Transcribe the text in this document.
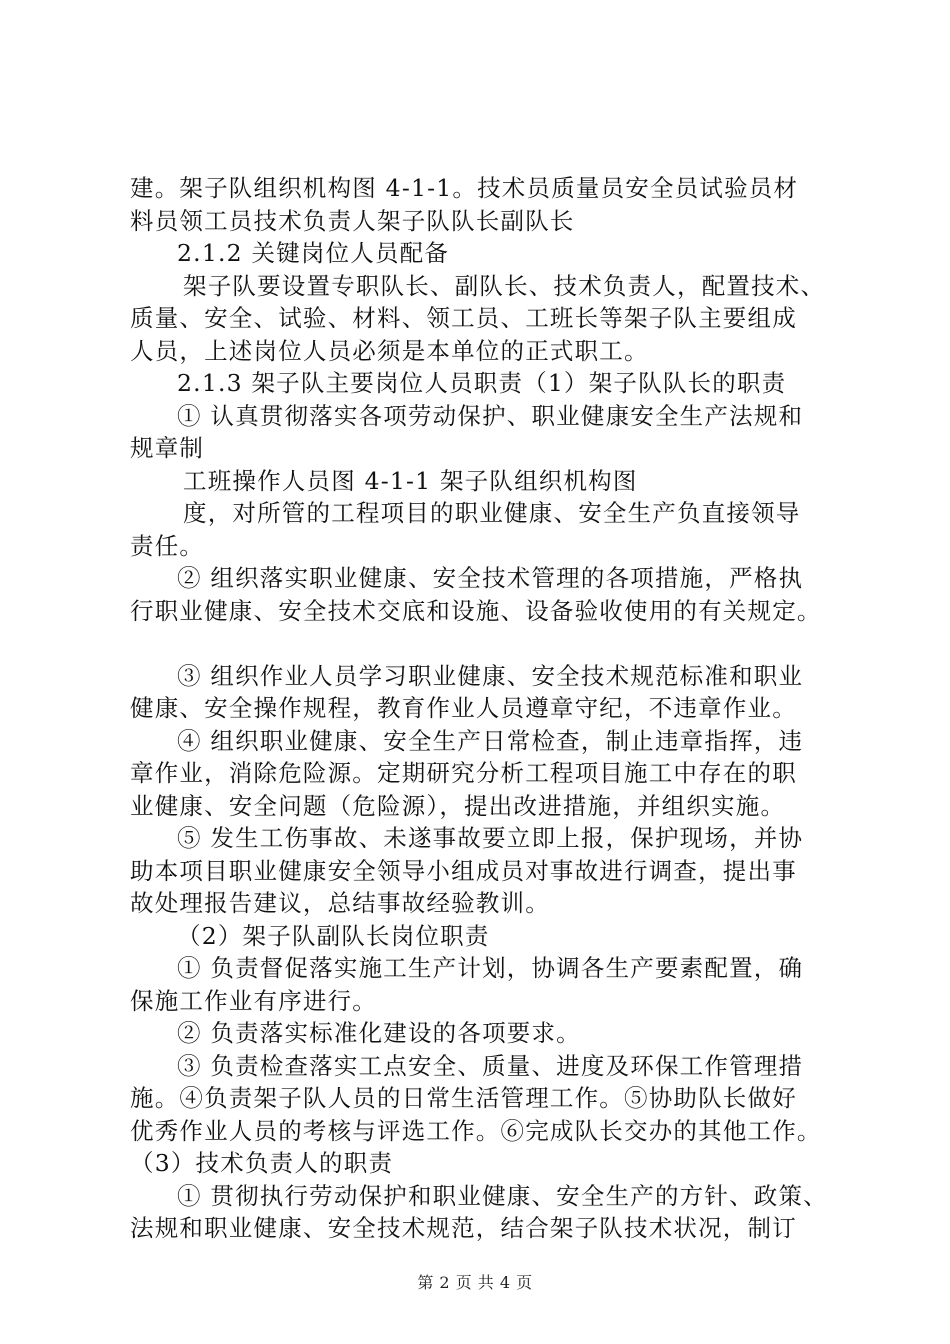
建。架子队组织机构图 4-1-1。技术员质量员安全员试验员材
料员领工员技术负责人架子队队长副队长
2.1.2 关键岗位人员配备
架子队要设置专职队长、副队长、技术负责人，配置技术、
质量、安全、试验、材料、领工员、工班长等架子队主要组成
人员，上述岗位人员必须是本单位的正式职工。
2.1.3 架子队主要岗位人员职责（1）架子队队长的职责
① 认真贯彻落实各项劳动保护、职业健康安全生产法规和
规章制
工班操作人员图 4-1-1 架子队组织机构图
度，对所管的工程项目的职业健康、安全生产负直接领导
责任。
② 组织落实职业健康、安全技术管理的各项措施，严格执
行职业健康、安全技术交底和设施、设备验收使用的有关规定。
③ 组织作业人员学习职业健康、安全技术规范标准和职业
健康、安全操作规程，教育作业人员遵章守纪，不违章作业。
④ 组织职业健康、安全生产日常检查，制止违章指挥，违
章作业，消除危险源。定期研究分析工程项目施工中存在的职
业健康、安全问题（危险源），提出改进措施，并组织实施。
⑤ 发生工伤事故、未遂事故要立即上报，保护现场，并协
助本项目职业健康安全领导小组成员对事故进行调查，提出事
故处理报告建议，总结事故经验教训。
（2）架子队副队长岗位职责
① 负责督促落实施工生产计划，协调各生产要素配置，确
保施工作业有序进行。
② 负责落实标准化建设的各项要求。
③ 负责检查落实工点安全、质量、进度及环保工作管理措
施。④负责架子队人员的日常生活管理工作。⑤协助队长做好
优秀作业人员的考核与评选工作。⑥完成队长交办的其他工作。
（3）技术负责人的职责
① 贯彻执行劳动保护和职业健康、安全生产的方针、政策、
法规和职业健康、安全技术规范，结合架子队技术状况，制订
第 2 页 共 4 页
